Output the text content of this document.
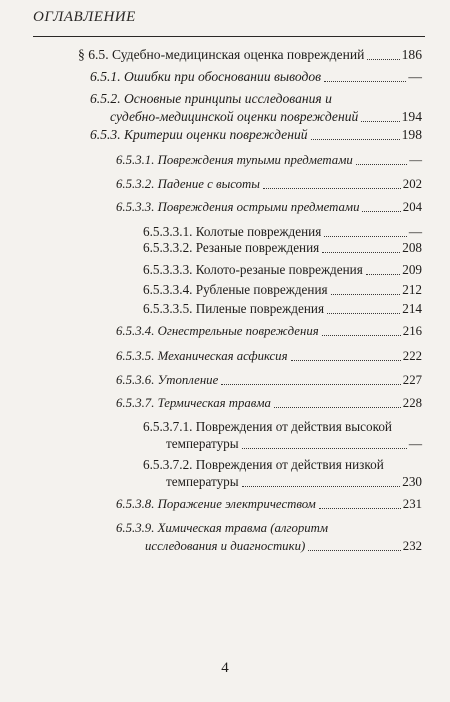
ОГЛАВЛЕНИЕ
§ 6.5. Судебно-медицинская оценка повреждений	186
6.5.1. Ошибки при обосновании выводов	—
6.5.2. Основные принципы исследования и
судебно-медицинской оценки повреждений	194
6.5.3. Критерии оценки повреждений	198
6.5.3.1. Повреждения тупыми предметами	—
6.5.3.2. Падение с высоты	202
6.5.3.3. Повреждения острыми предметами	204
6.5.3.3.1. Колотые повреждения	—
6.5.3.3.2. Резаные повреждения	208
6.5.3.3.3. Колото-резаные повреждения	209
6.5.3.3.4. Рубленые повреждения	212
6.5.3.3.5. Пиленые повреждения	214
6.5.3.4. Огнестрельные повреждения	216
6.5.3.5. Механическая асфиксия	222
6.5.3.6. Утопление	227
6.5.3.7. Термическая травма	228
6.5.3.7.1. Повреждения от действия высокой
температуры	—
6.5.3.7.2. Повреждения от действия низкой
температуры	230
6.5.3.8. Поражение электричеством	231
6.5.3.9. Химическая травма (алгоритм
исследования и диагностики)	232
4
